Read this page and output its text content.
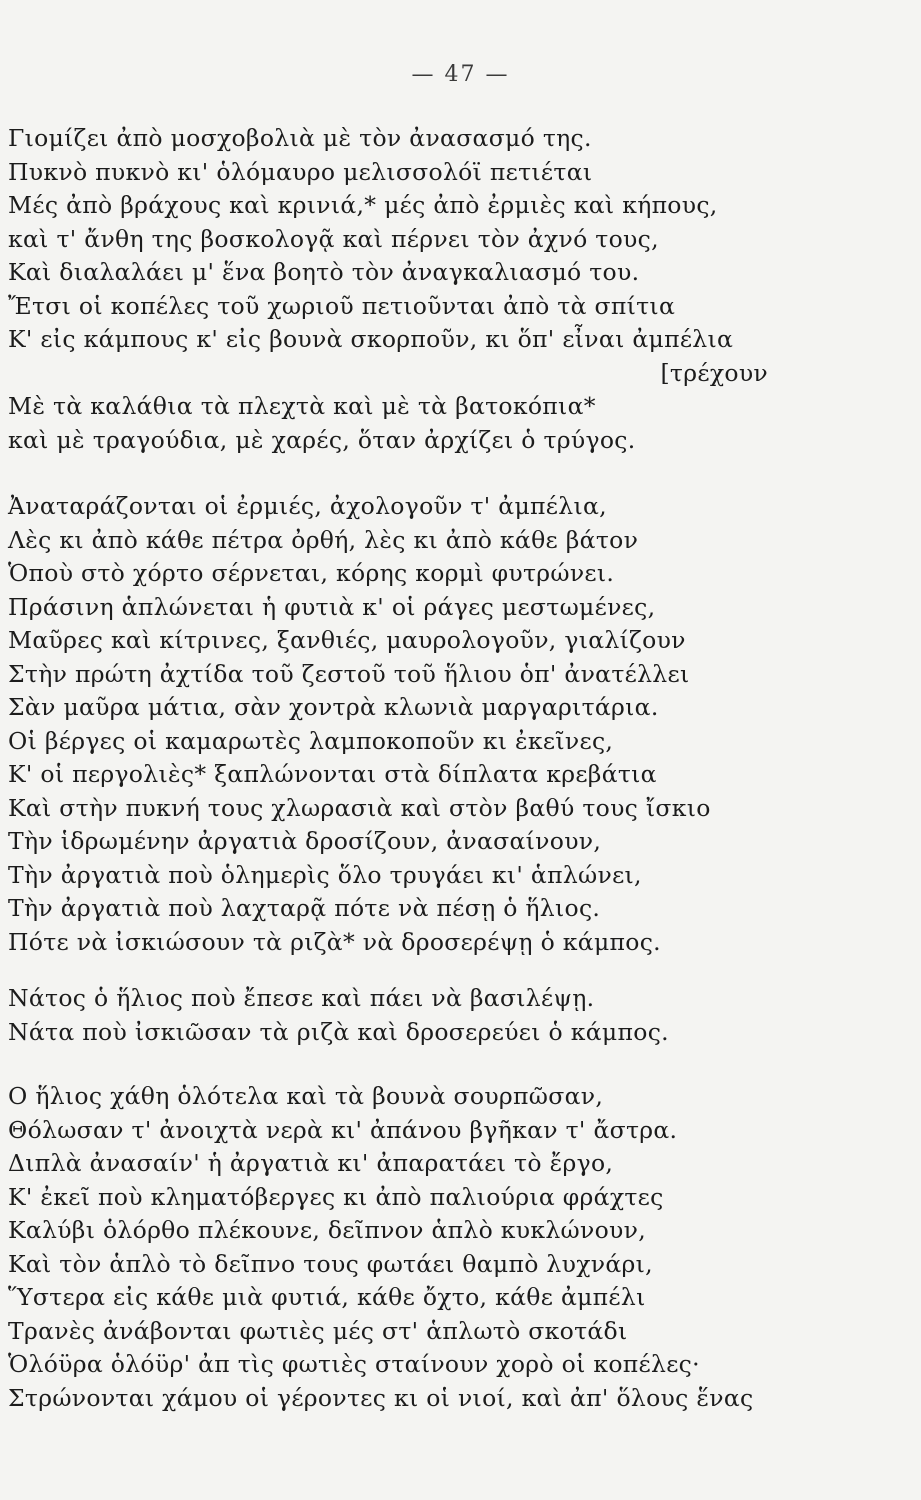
— 47 —
Γιομίζει ἀπὸ μοσχοβολιὰ μὲ τὸν ἀνασασμό της.
Πυκνὸ πυκνὸ κι' ὁλόμαυρο μελισσολόϊ πετιέται
Μές ἀπὸ βράχους καὶ κρινιά,* μές ἀπὸ ἐρμιὲς καὶ κήπους,
καὶ τ' ἄνθη της βοσκολογᾷ καὶ πέρνει τὸν ἀχνό τους,
Καὶ διαλαλάει μ' ἕνα βοητὸ τὸν ἀναγκαλιασμό του.
Ἔτσι οἱ κοπέλες τοῦ χωριοῦ πετιοῦνται ἀπὸ τὰ σπίτια
Κ' εἰς κάμπους κ' εἰς βουνὰ σκορποῦν, κι ὅπ' εἶναι ἀμπέλια
[τρέχουν
Μὲ τὰ καλάθια τὰ πλεχτὰ καὶ μὲ τὰ βατοκόπια*
καὶ μὲ τραγούδια, μὲ χαρές, ὅταν ἀρχίζει ὁ τρύγος.
Ἀναταράζονται οἱ ἐρμιές, ἀχολογοῦν τ' ἀμπέλια,
Λὲς κι ἀπὸ κάθε πέτρα ὀρθή, λὲς κι ἀπὸ κάθε βάτον
Ὁποὺ στὸ χόρτο σέρνεται, κόρης κορμὶ φυτρώνει.
Πράσινη ἁπλώνεται ἡ φυτιὰ κ' οἱ ράγες μεστωμένες,
Μαῦρες καὶ κίτρινες, ξανθιές, μαυρολογοῦν, γιαλίζουν
Στὴν πρώτη ἀχτίδα τοῦ ζεστοῦ τοῦ ἥλιου ὁπ' ἀνατέλλει
Σὰν μαῦρα μάτια, σὰν χοντρὰ κλωνιὰ μαργαριτάρια.
Οἱ βέργες οἱ καμαρωτὲς λαμποκοποῦν κι ἐκεῖνες,
Κ' οἱ περγολιὲς* ξαπλώνονται στὰ δίπλατα κρεβάτια
Καὶ στὴν πυκνή τους χλωρασιὰ καὶ στὸν βαθύ τους ἴσκιο
Τὴν ἱδρωμένην ἀργατιὰ δροσίζουν, ἀνασαίνουν,
Τὴν ἀργατιὰ ποὺ ὁλημερὶς ὅλο τρυγάει κι' ἁπλώνει,
Τὴν ἀργατιὰ ποὺ λαχταρᾷ πότε νὰ πέσῃ ὁ ἥλιος.
Πότε νὰ ἰσκιώσουν τὰ ριζὰ* νὰ δροσερέψῃ ὁ κάμπος.
Νάτος ὁ ἥλιος ποὺ ἔπεσε καὶ πάει νὰ βασιλέψῃ.
Νάτα ποὺ ἰσκιῶσαν τὰ ριζὰ καὶ δροσερεύει ὁ κάμπος.
Ο ἥλιος χάθη ὁλότελα καὶ τὰ βουνὰ σουρπῶσαν,
Θόλωσαν τ' ἀνοιχτὰ νερὰ κι' ἀπάνου βγῆκαν τ' ἄστρα.
Διπλὰ ἀνασαίν' ἡ ἀργατιὰ κι' ἀπαρατάει τὸ ἔργο,
Κ' ἐκεῖ ποὺ κληματόβεργες κι ἀπὸ παλιούρια φράχτες
Καλύβι ὁλόρθο πλέκουνε, δεῖπνον ἁπλὸ κυκλώνουν,
Καὶ τὸν ἁπλὸ τὸ δεῖπνο τους φωτάει θαμπὸ λυχνάρι,
Ὕστερα εἰς κάθε μιὰ φυτιά, κάθε ὄχτο, κάθε ἀμπέλι
Τρανὲς ἀνάβονται φωτιὲς μές στ' ἁπλωτὸ σκοτάδι
Ὁλόϋρα ὁλόϋρ' ἀπ τὶς φωτιὲς σταίνουν χορὸ οἱ κοπέλες·
Στρώνονται χάμου οἱ γέροντες κι οἱ νιοί, καὶ ἀπ' ὅλους ἕνας
